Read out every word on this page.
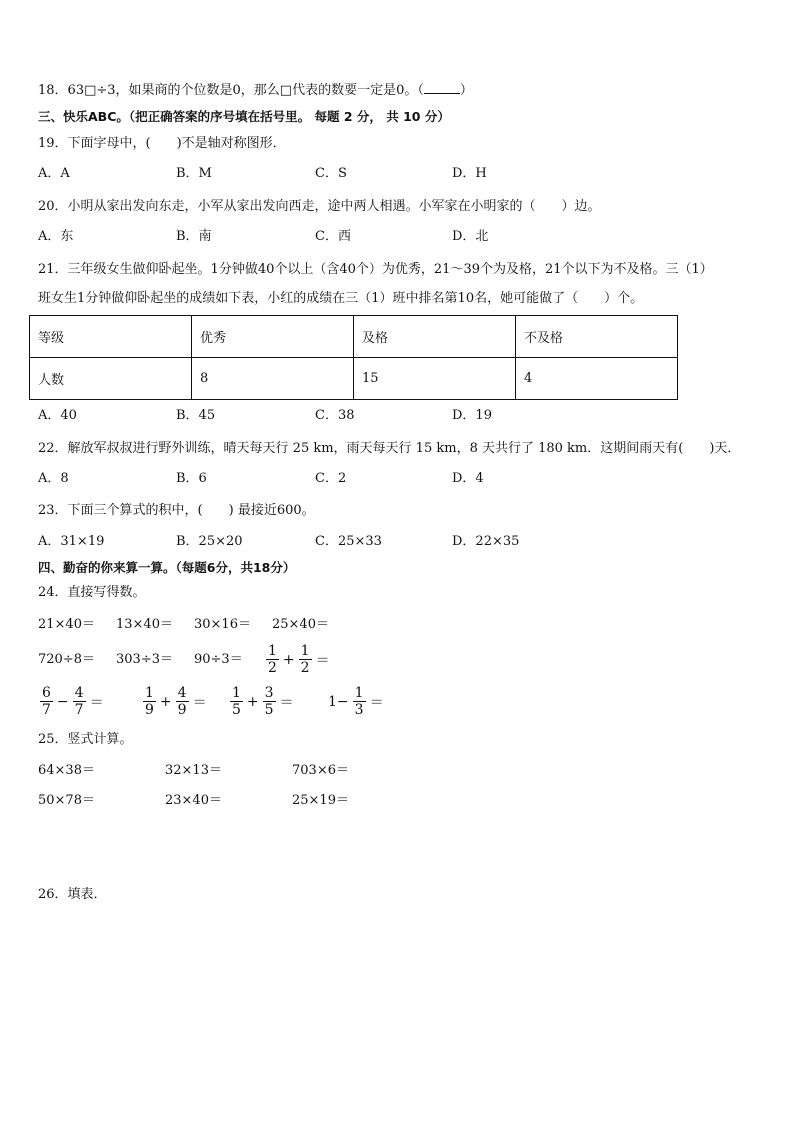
18．63□÷3，如果商的个位数是0，那么□代表的数要一定是0。（	）
三、快乐ABC。（把正确答案的序号填在括号里。 每题 2 分， 共 10 分）
19．下面字母中，(　　)不是轴对称图形．
A．A	B．M	C．S	D．H
20．小明从家出发向东走，小军从家出发向西走，途中两人相遇。小军家在小明家的（　　）边。
A．东	B．南	C．西	D．北
21．三年级女生做仰卧起坐。1分钟做40个以上（含40个）为优秀，21～39个为及格，21个以下为不及格。三（1）
班女生1分钟做仰卧起坐的成绩如下表，小红的成绩在三（1）班中排名第10名，她可能做了（　　）个。
等级	优秀	及格	不及格
人数	8	15	4
A．40	B．45	C．38	D．19
22．解放军叔叔进行野外训练，晴天每天行 25 km，雨天每天行 15 km，8 天共行了 180 km．这期间雨天有(　　)天．
A．8	B．6	C．2	D．4
23．下面三个算式的积中，(　　) 最接近600。
A．31×19	B．25×20	C．25×33	D．22×35
四、勤奋的你来算一算。（每题6分，共18分）
24．直接写得数。
21×40＝ 13×40＝ 30×16＝ 25×40＝
$720\div 8= 303\div 3= 90\div 3= \frac{1}{2} + \frac{1}{2}$ ＝
$\frac{6}{7} - \frac{4}{7}$ ＝	$\frac{1}{9} + \frac{4}{9} = \frac{1}{5} + \frac{3}{5} = 1- \frac{1}{3}$ ＝
25．竖式计算。
64×38＝	32×13＝	703×6＝
50×78＝	23×40＝	25×19＝
26．填表．
